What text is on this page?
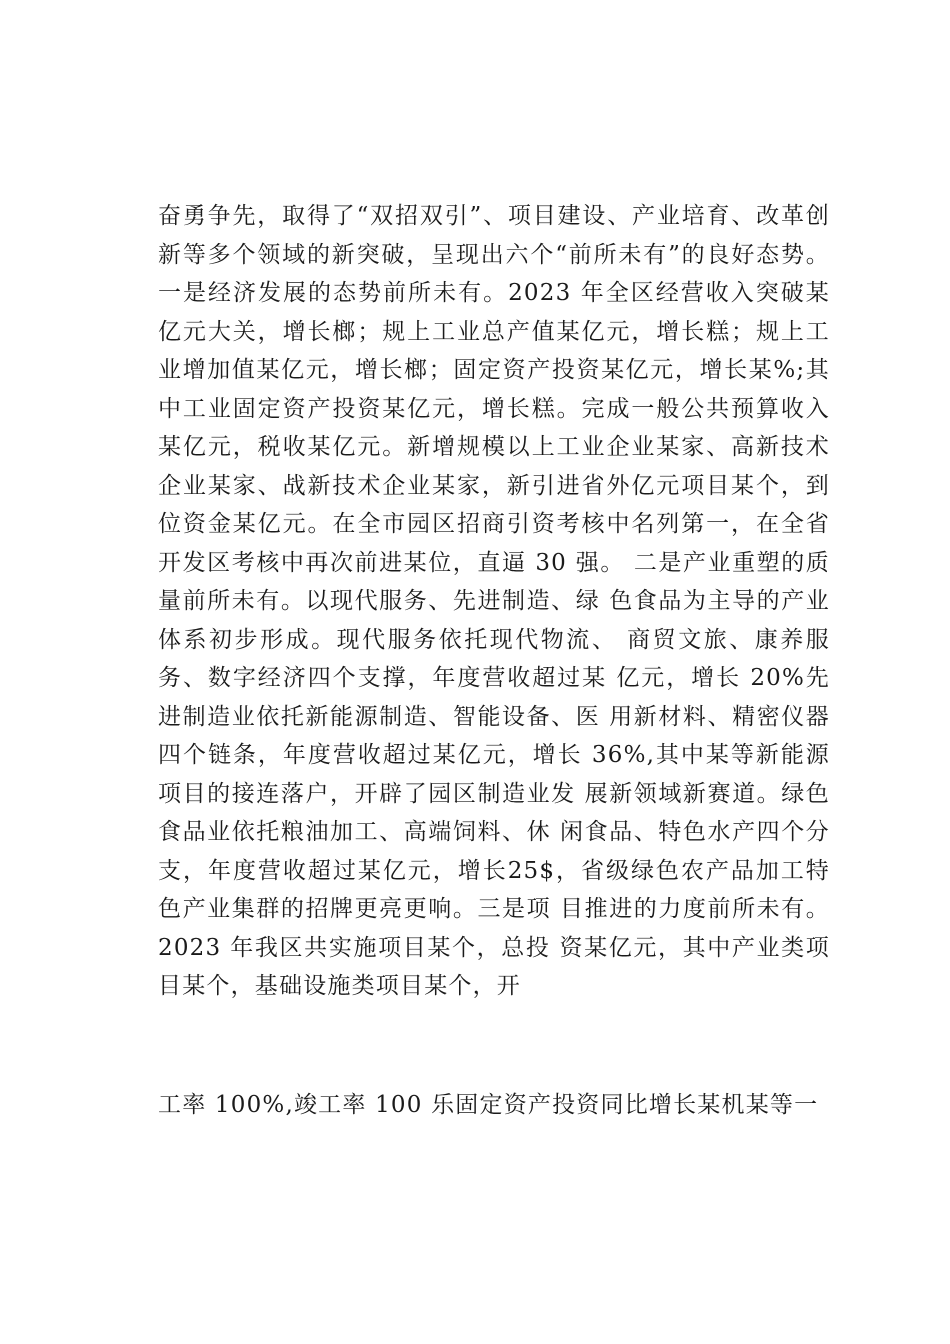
奋勇争先，取得了“双招双引”、项目建设、产业培育、改革创新等多个领域的新突破，呈现出六个“前所未有”的良好态势。 一是经济发展的态势前所未有。2023 年全区经营收入突破某亿元大关，增长榔；规上工业总产值某亿元，增长糕；规上工业增加值某亿元，增长榔；固定资产投资某亿元，增长某%;其中工业固定资产投资某亿元，增长糕。完成一般公共预算收入某亿元，税收某亿元。新增规模以上工业企业某家、高新技术企业某家、战新技术企业某家，新引进省外亿元项目某个，到位资金某亿元。在全市园区招商引资考核中名列第一，在全省开发区考核中再次前进某位，直逼 30 强。 二是产业重塑的质量前所未有。以现代服务、先进制造、绿 色食品为主导的产业体系初步形成。现代服务依托现代物流、 商贸文旅、康养服务、数字经济四个支撑，年度营收超过某 亿元，增长 20%先进制造业依托新能源制造、智能设备、医 用新材料、精密仪器四个链条，年度营收超过某亿元，增长 36%,其中某等新能源项目的接连落户，开辟了园区制造业发 展新领域新赛道。绿色食品业依托粮油加工、高端饲料、休 闲食品、特色水产四个分支，年度营收超过某亿元，增长25$，省级绿色农产品加工特色产业集群的招牌更亮更响。三是项 目推进的力度前所未有。2023 年我区共实施项目某个，总投 资某亿元，其中产业类项目某个，基础设施类项目某个，开

工率 100%,竣工率 100 乐固定资产投资同比增长某机某等一
